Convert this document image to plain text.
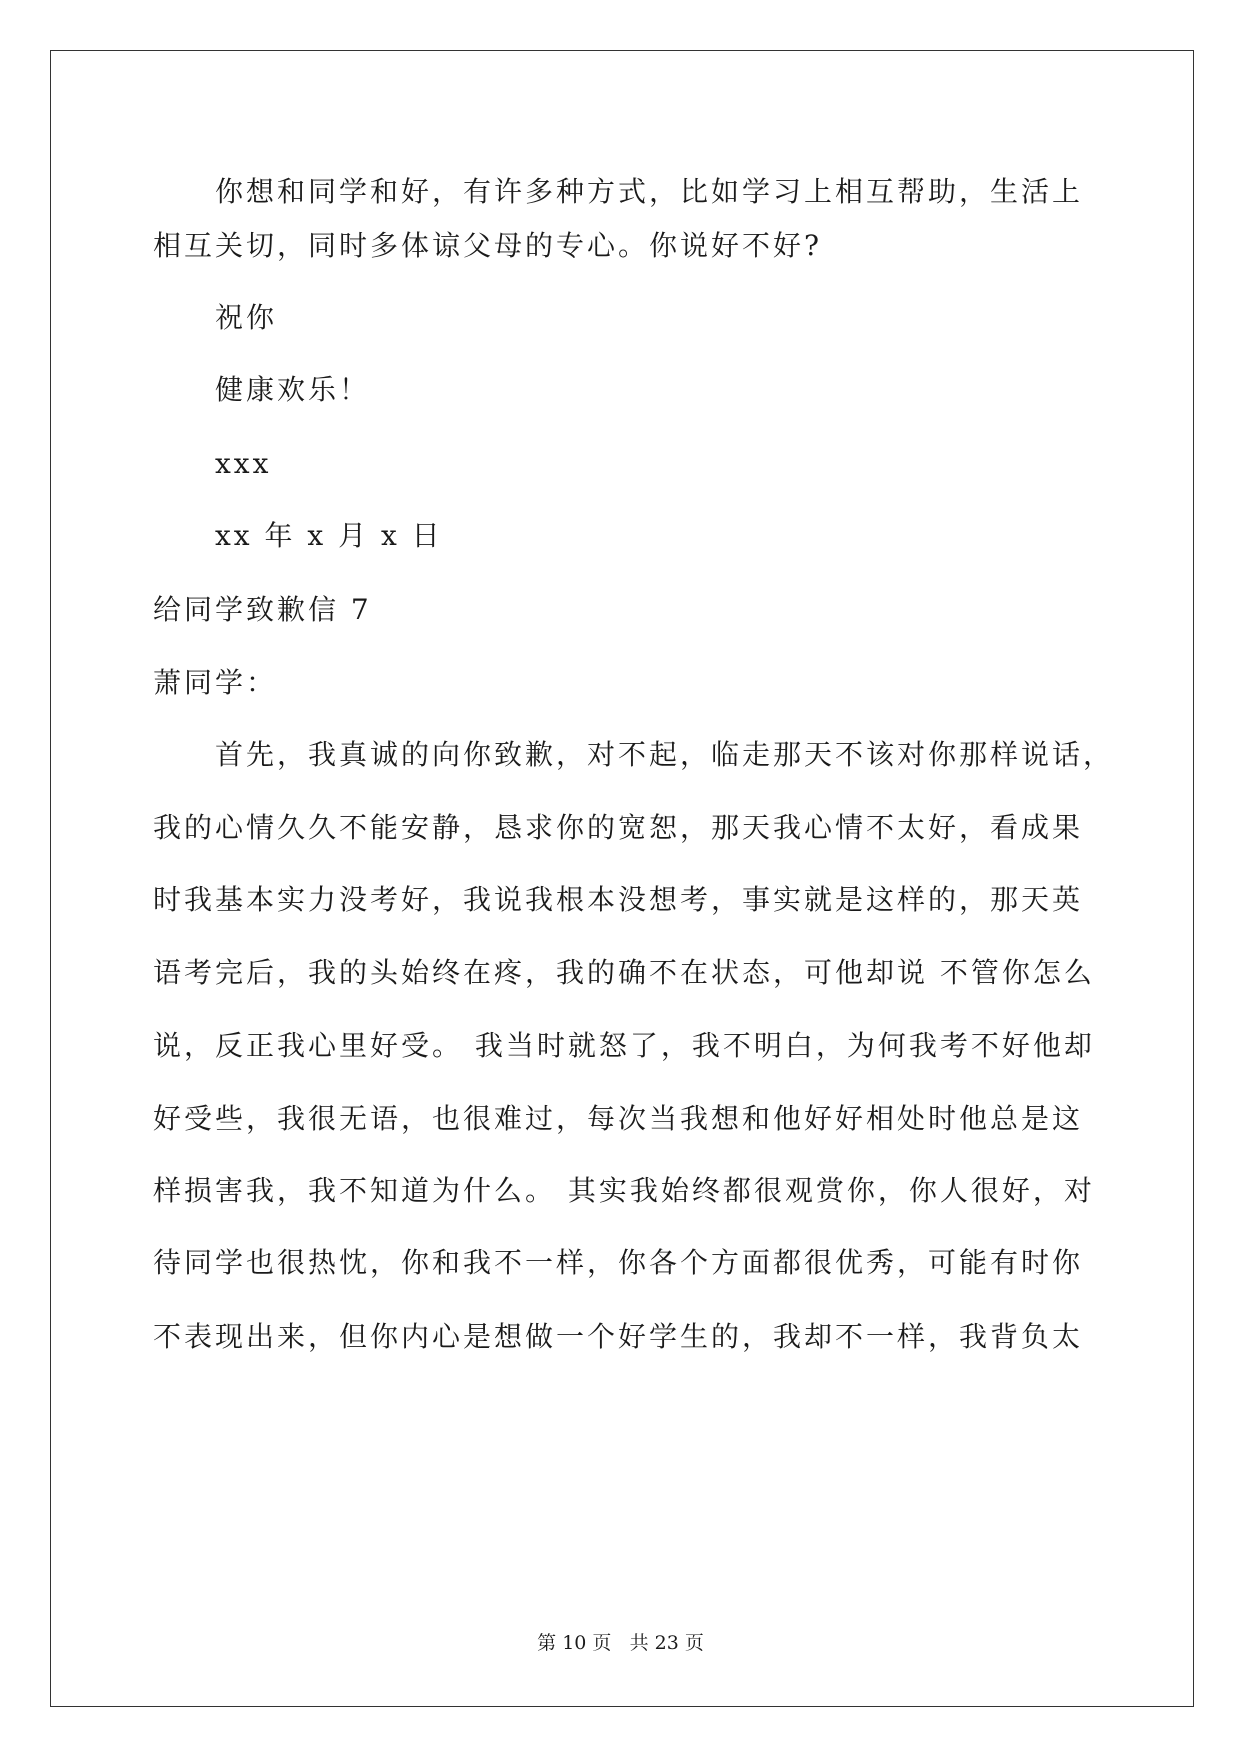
你想和同学和好，有许多种方式，比如学习上相互帮助，生活上
相互关切，同时多体谅父母的专心。你说好不好?
祝你
健康欢乐！
xxx
xx 年 x 月 x 日
给同学致歉信 7
萧同学：
首先，我真诚的向你致歉，对不起，临走那天不该对你那样说话，
我的心情久久不能安静，恳求你的宽恕，那天我心情不太好，看成果
时我基本实力没考好，我说我根本没想考，事实就是这样的，那天英
语考完后，我的头始终在疼，我的确不在状态，可他却说 不管你怎么
说，反正我心里好受。 我当时就怒了，我不明白，为何我考不好他却
好受些，我很无语，也很难过，每次当我想和他好好相处时他总是这
样损害我，我不知道为什么。 其实我始终都很观赏你，你人很好，对
待同学也很热忱，你和我不一样，你各个方面都很优秀，可能有时你
不表现出来，但你内心是想做一个好学生的，我却不一样，我背负太
第 10 页 共 23 页
